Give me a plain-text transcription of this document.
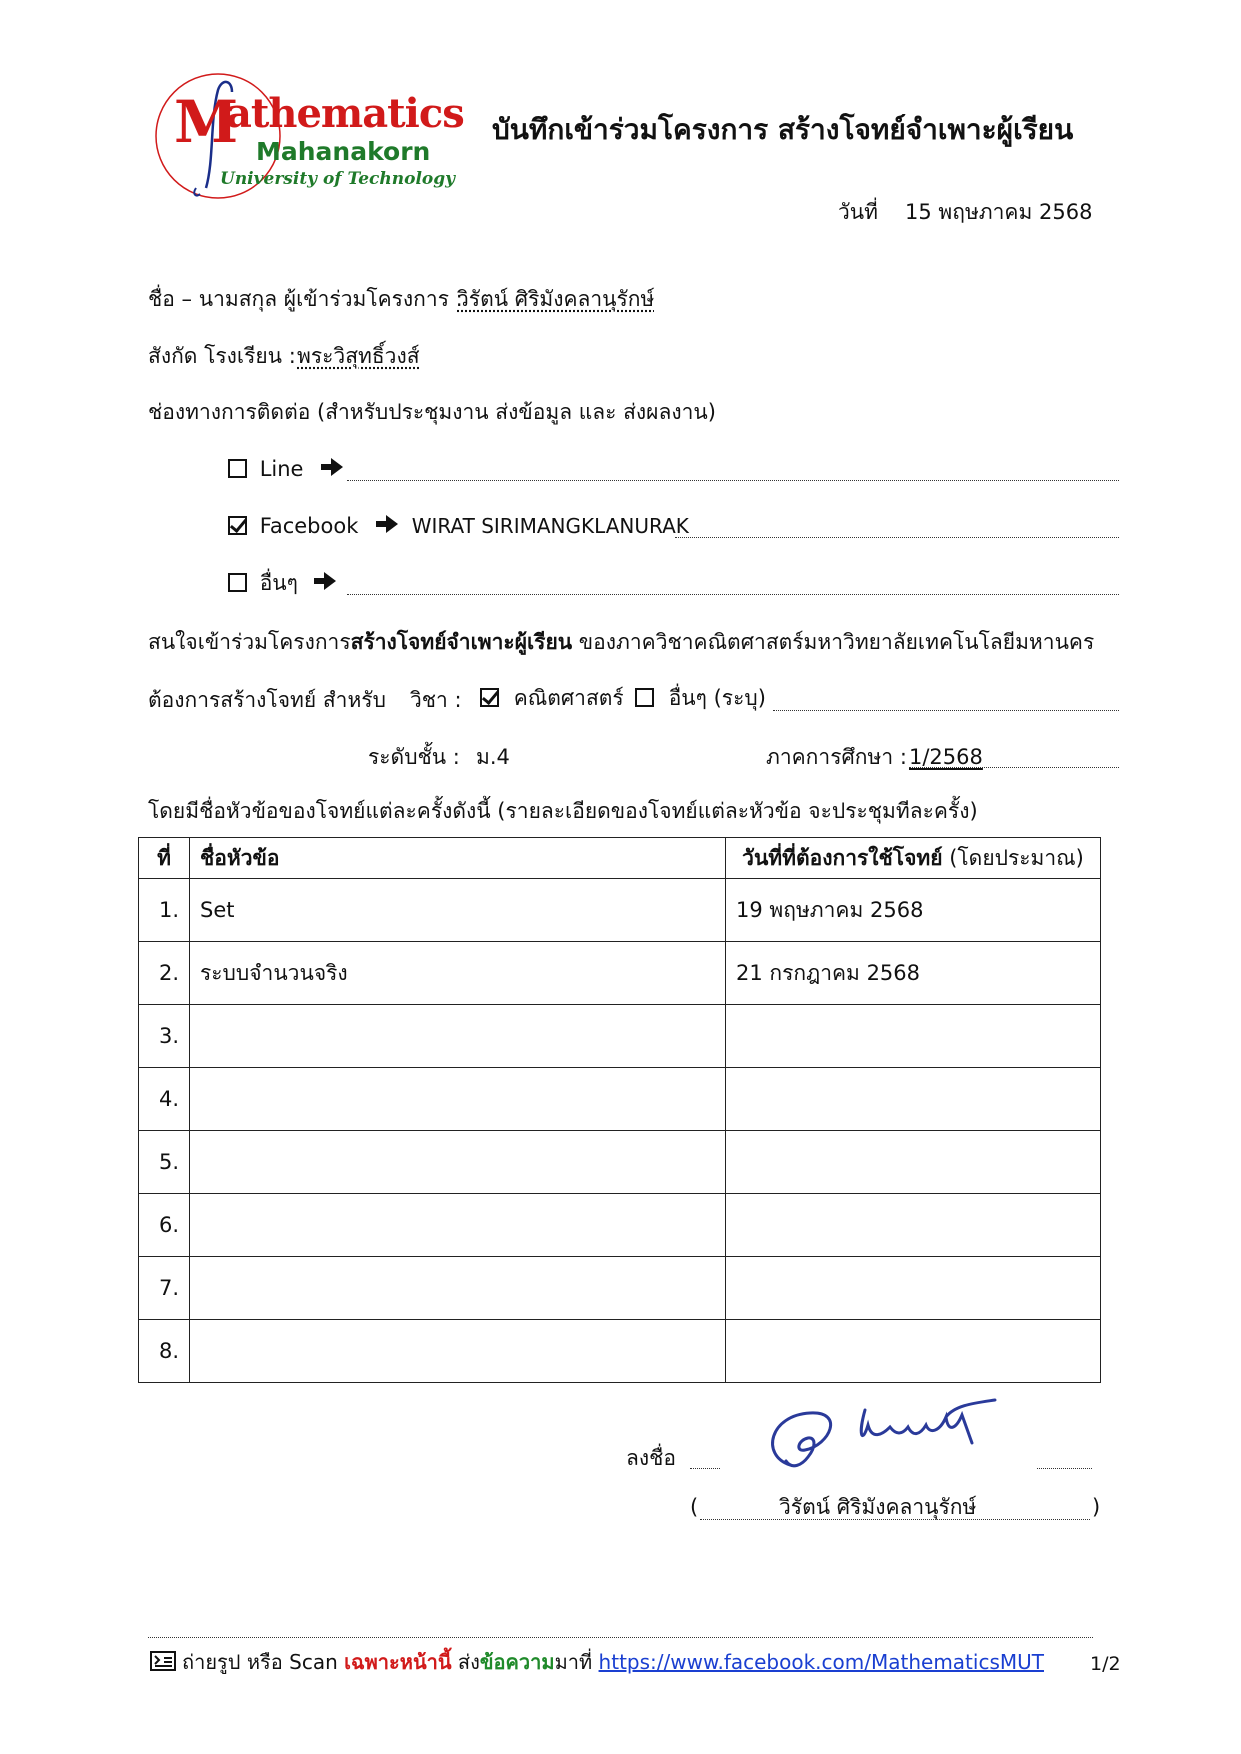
M
athematics
Mahanakorn
University of Technology
บันทึกเข้าร่วมโครงการ สร้างโจทย์จำเพาะผู้เรียน
วันที่ 15 พฤษภาคม 2568
ชื่อ – นามสกุล ผู้เข้าร่วมโครงการ :
วิรัตน์ ศิริมังคลานุรักษ์
สังกัด โรงเรียน : พระวิสุทธิ์วงส์
ช่องทางการติดต่อ (สำหรับประชุมงาน ส่งข้อมูล และ ส่งผลงาน)
Line
Facebook	WIRAT SIRIMANGKLANURAK
อื่นๆ
สนใจเข้าร่วมโครงการสร้างโจทย์จำเพาะผู้เรียน ของภาควิชาคณิตศาสตร์มหาวิทยาลัยเทคโนโลยีมหานคร
ต้องการสร้างโจทย์ สำหรับ วิชา :	คณิตศาสตร์	อื่นๆ (ระบุ)
ระดับชั้น : ม.4	ภาคการศึกษา : 1/2568
โดยมีชื่อหัวข้อของโจทย์แต่ละครั้งดังนี้ (รายละเอียดของโจทย์แต่ละหัวข้อ จะประชุมทีละครั้ง)
ที่	ชื่อหัวข้อ	วันที่ที่ต้องการใช้โจทย์ (โดยประมาณ)
1.	Set	19 พฤษภาคม 2568
2.	ระบบจำนวนจริง	21 กรกฎาคม 2568
3.		
4.		
5.		
6.		
7.		
8.		
ลงชื่อ
(	วิรัตน์ ศิริมังคลานุรักษ์	)
ถ่ายรูป หรือ Scan เฉพาะหน้านี้ ส่งข้อความมาที่ https://www.facebook.com/MathematicsMUT 1/2
